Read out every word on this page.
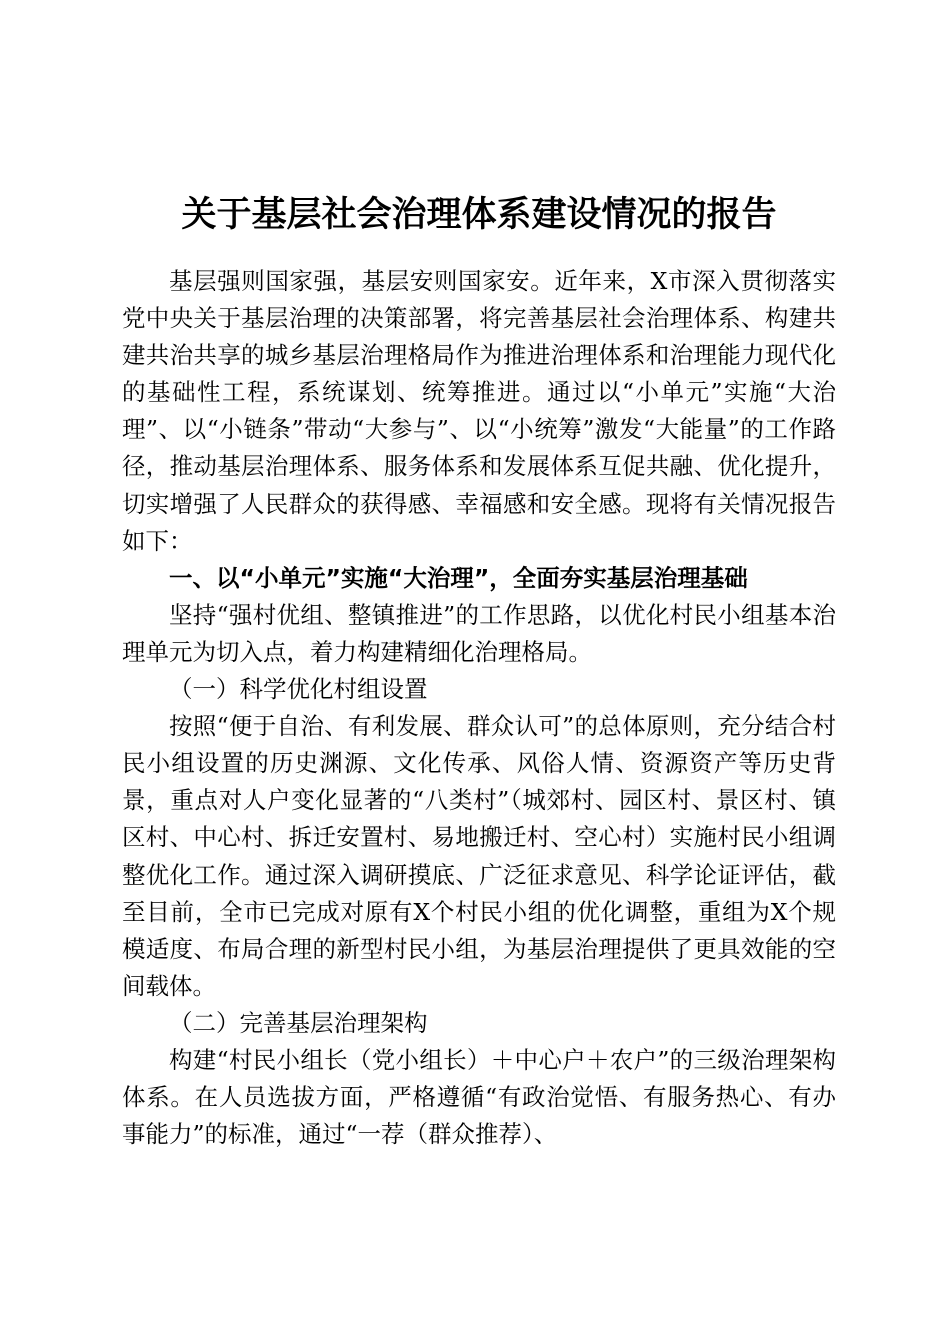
关于基层社会治理体系建设情况的报告

基层强则国家强，基层安则国家安。近年来，X市深入贯彻落实党中央关于基层治理的决策部署，将完善基层社会治理体系、构建共建共治共享的城乡基层治理格局作为推进治理体系和治理能力现代化的基础性工程，系统谋划、统筹推进。通过以“小单元”实施“大治理”、以“小链条”带动“大参与”、以“小统筹”激发“大能量”的工作路径，推动基层治理体系、服务体系和发展体系互促共融、优化提升，切实增强了人民群众的获得感、幸福感和安全感。现将有关情况报告如下：

一、以“小单元”实施“大治理”，全面夯实基层治理基础

坚持“强村优组、整镇推进”的工作思路，以优化村民小组基本治理单元为切入点，着力构建精细化治理格局。

（一）科学优化村组设置

按照“便于自治、有利发展、群众认可”的总体原则，充分结合村民小组设置的历史渊源、文化传承、风俗人情、资源资产等历史背景，重点对人户变化显著的“八类村”（城郊村、园区村、景区村、镇区村、中心村、拆迁安置村、易地搬迁村、空心村）实施村民小组调整优化工作。通过深入调研摸底、广泛征求意见、科学论证评估，截至目前，全市已完成对原有X个村民小组的优化调整，重组为X个规模适度、布局合理的新型村民小组，为基层治理提供了更具效能的空间载体。

（二）完善基层治理架构

构建“村民小组长（党小组长）＋中心户＋农户”的三级治理架构体系。在人员选拔方面，严格遵循“有政治觉悟、有服务热心、有办事能力”的标准，通过“一荐（群众推荐）、
